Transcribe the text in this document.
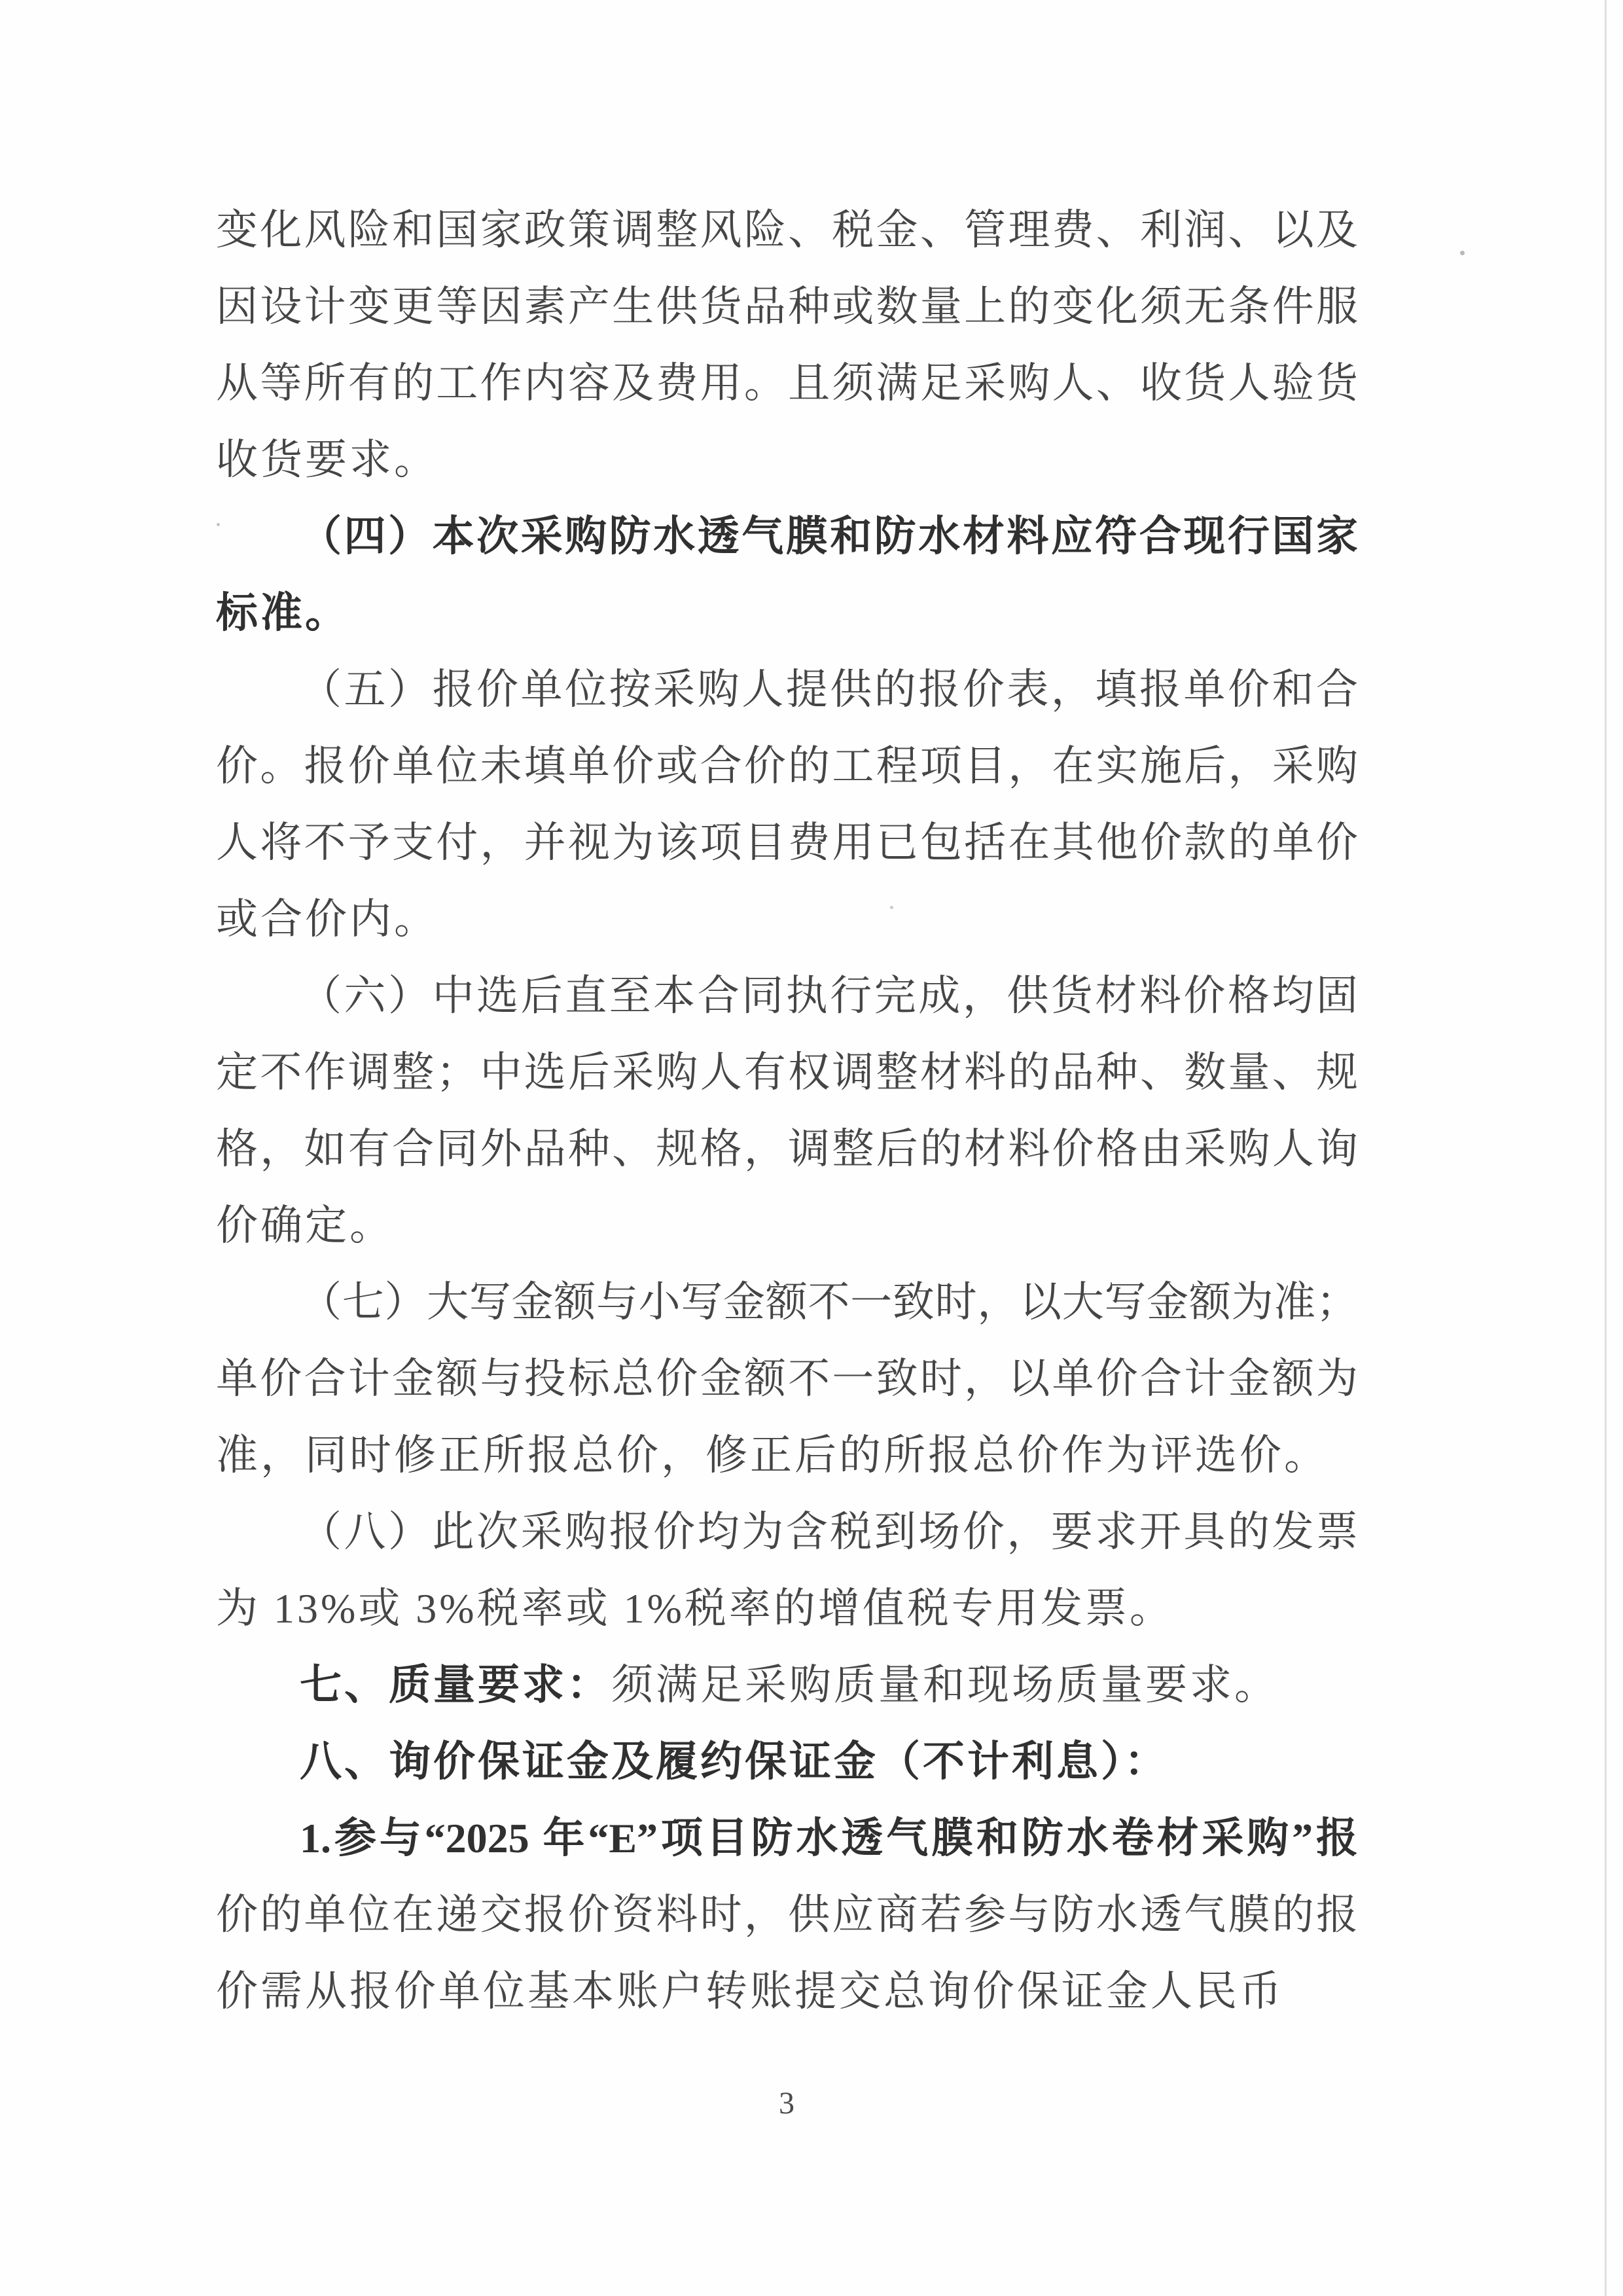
变化风险和国家政策调整风险、税金、管理费、利润、以及
因设计变更等因素产生供货品种或数量上的变化须无条件服
从等所有的工作内容及费用。且须满足采购人、收货人验货
收货要求。
（四）本次采购防水透气膜和防水材料应符合现行国家
标准。
（五）报价单位按采购人提供的报价表，填报单价和合
价。报价单位未填单价或合价的工程项目，在实施后，采购
人将不予支付，并视为该项目费用已包括在其他价款的单价
或合价内。
（六）中选后直至本合同执行完成，供货材料价格均固
定不作调整；中选后采购人有权调整材料的品种、数量、规
格，如有合同外品种、规格，调整后的材料价格由采购人询
价确定。
（七）大写金额与小写金额不一致时，以大写金额为准；
单价合计金额与投标总价金额不一致时，以单价合计金额为
准，同时修正所报总价，修正后的所报总价作为评选价。
（八）此次采购报价均为含税到场价，要求开具的发票
为 13%或 3%税率或 1%税率的增值税专用发票。
七、质量要求：须满足采购质量和现场质量要求。
八、询价保证金及履约保证金（不计利息）：
1.参与“2025 年“E”项目防水透气膜和防水卷材采购”报
价的单位在递交报价资料时，供应商若参与防水透气膜的报
价需从报价单位基本账户转账提交总询价保证金人民币
3
